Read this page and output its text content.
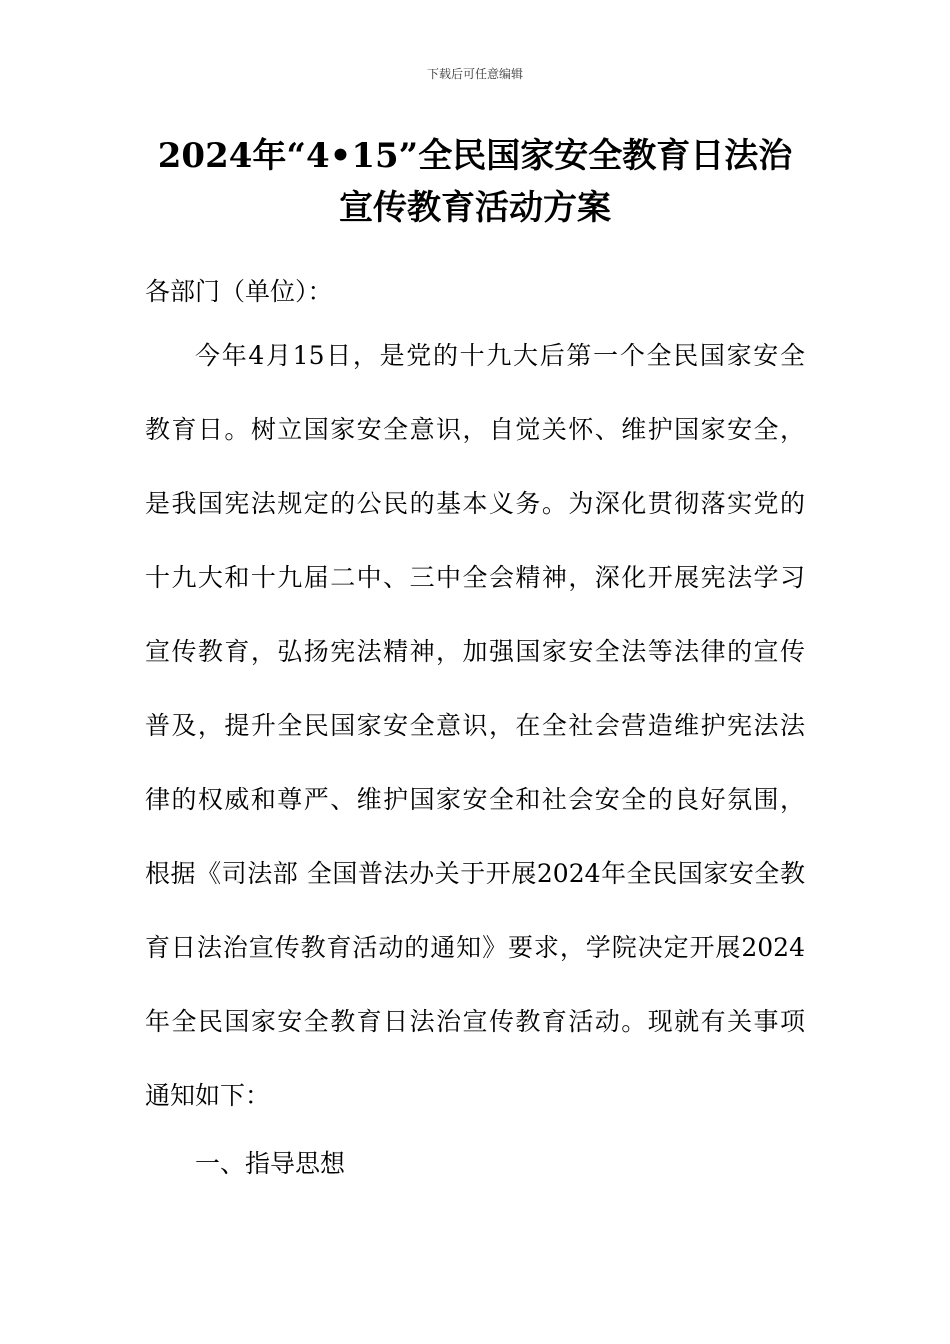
下载后可任意编辑
2024年“4•15”全民国家安全教育日法治
宣传教育活动方案
各部门（单位）：
今年4月15日，是党的十九大后第一个全民国家安全
教育日。树立国家安全意识，自觉关怀、维护国家安全，
是我国宪法规定的公民的基本义务。为深化贯彻落实党的
十九大和十九届二中、三中全会精神，深化开展宪法学习
宣传教育，弘扬宪法精神，加强国家安全法等法律的宣传
普及，提升全民国家安全意识，在全社会营造维护宪法法
律的权威和尊严、维护国家安全和社会安全的良好氛围，
根据《司法部 全国普法办关于开展2024年全民国家安全教
育日法治宣传教育活动的通知》要求，学院决定开展2024
年全民国家安全教育日法治宣传教育活动。现就有关事项
通知如下：
一、指导思想
